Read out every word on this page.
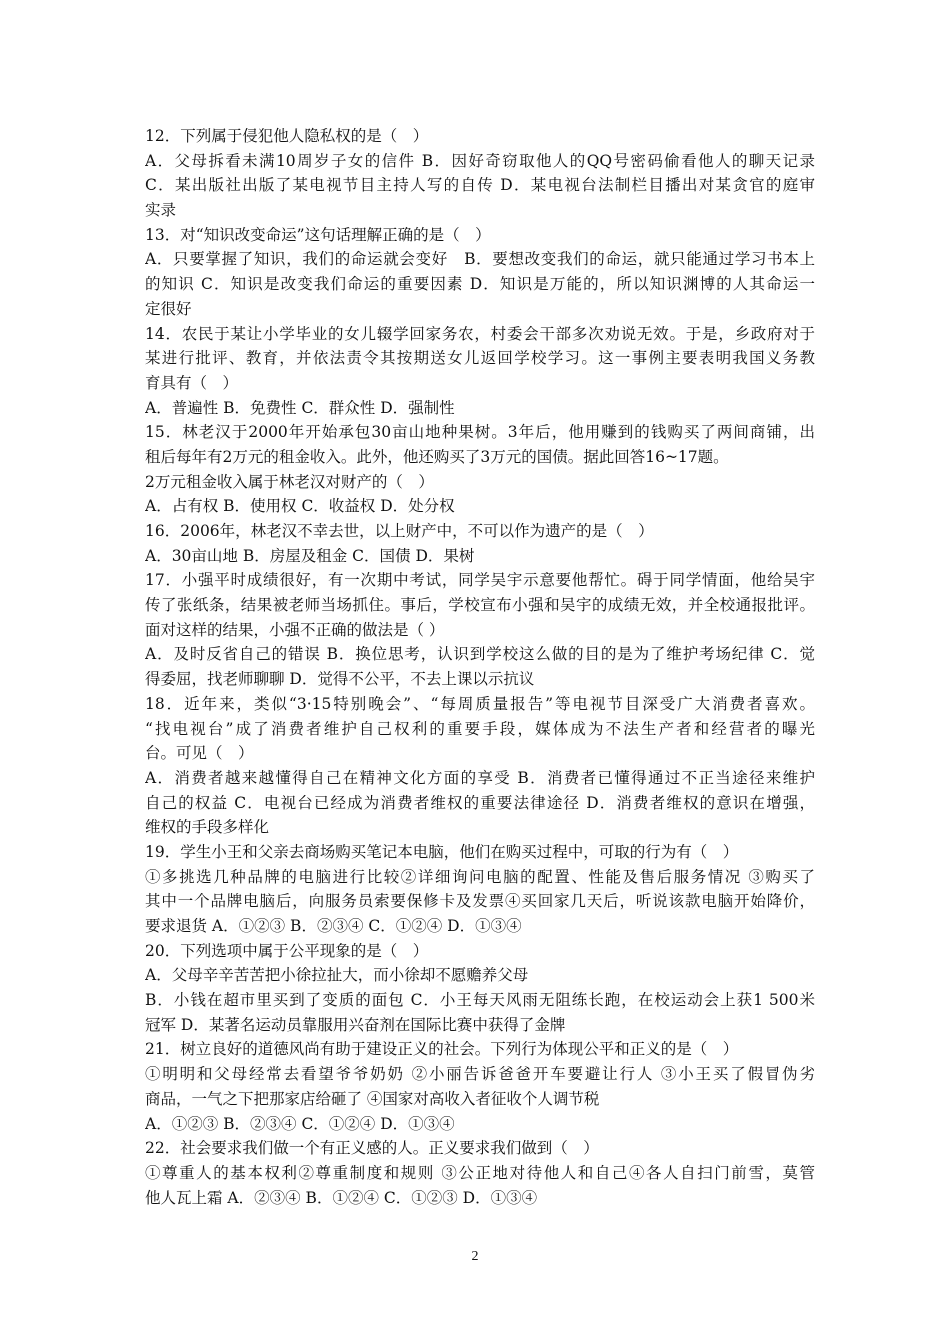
12．下列属于侵犯他人隐私权的是（　）
A．父母拆看未满10周岁子女的信件 B．因好奇窃取他人的QQ号密码偷看他人的聊天记录
C．某出版社出版了某电视节目主持人写的自传 D．某电视台法制栏目播出对某贪官的庭审
实录
13．对“知识改变命运”这句话理解正确的是（　）
A．只要掌握了知识，我们的命运就会变好　B．要想改变我们的命运，就只能通过学习书本上
的知识 C．知识是改变我们命运的重要因素 D．知识是万能的，所以知识渊博的人其命运一
定很好
14．农民于某让小学毕业的女儿辍学回家务农，村委会干部多次劝说无效。于是，乡政府对于
某进行批评、教育，并依法责令其按期送女儿返回学校学习。这一事例主要表明我国义务教
育具有（　）
A．普遍性 B．免费性 C．群众性 D．强制性
15．林老汉于2000年开始承包30亩山地种果树。3年后，他用赚到的钱购买了两间商铺，出
租后每年有2万元的租金收入。此外，他还购买了3万元的国债。据此回答16~17题。
2万元租金收入属于林老汉对财产的（　）
A．占有权 B．使用权 C．收益权 D．处分权
16．2006年，林老汉不幸去世，以上财产中，不可以作为遗产的是（　）
A．30亩山地 B．房屋及租金 C．国债 D．果树
17．小强平时成绩很好，有一次期中考试，同学吴宇示意要他帮忙。碍于同学情面，他给吴宇
传了张纸条，结果被老师当场抓住。事后，学校宣布小强和吴宇的成绩无效，并全校通报批评。
面对这样的结果，小强不正确的做法是（ ）
A．及时反省自己的错误 B．换位思考，认识到学校这么做的目的是为了维护考场纪律 C．觉
得委屈，找老师聊聊 D．觉得不公平，不去上课以示抗议
18．近年来，类似“3·15特别晚会”、“每周质量报告”等电视节目深受广大消费者喜欢。
“找电视台”成了消费者维护自己权利的重要手段，媒体成为不法生产者和经营者的曝光
台。可见（　）
A．消费者越来越懂得自己在精神文化方面的享受 B．消费者已懂得通过不正当途径来维护
自己的权益 C．电视台已经成为消费者维权的重要法律途径 D．消费者维权的意识在增强，
维权的手段多样化
19．学生小王和父亲去商场购买笔记本电脑，他们在购买过程中，可取的行为有（　）
①多挑选几种品牌的电脑进行比较②详细询问电脑的配置、性能及售后服务情况 ③购买了
其中一个品牌电脑后，向服务员索要保修卡及发票④买回家几天后，听说该款电脑开始降价，
要求退货 A．①②③ B．②③④ C．①②④ D．①③④
20．下列选项中属于公平现象的是（　）
A．父母辛辛苦苦把小徐拉扯大，而小徐却不愿赡养父母
B．小钱在超市里买到了变质的面包 C．小王每天风雨无阻练长跑，在校运动会上获1 500米
冠军 D．某著名运动员靠服用兴奋剂在国际比赛中获得了金牌
21．树立良好的道德风尚有助于建设正义的社会。下列行为体现公平和正义的是（　）
①明明和父母经常去看望爷爷奶奶 ②小丽告诉爸爸开车要避让行人 ③小王买了假冒伪劣
商品，一气之下把那家店给砸了 ④国家对高收入者征收个人调节税
A．①②③ B．②③④ C．①②④ D．①③④
22．社会要求我们做一个有正义感的人。正义要求我们做到（　）
①尊重人的基本权利②尊重制度和规则 ③公正地对待他人和自己④各人自扫门前雪，莫管
他人瓦上霜 A．②③④ B．①②④ C．①②③ D．①③④
2
